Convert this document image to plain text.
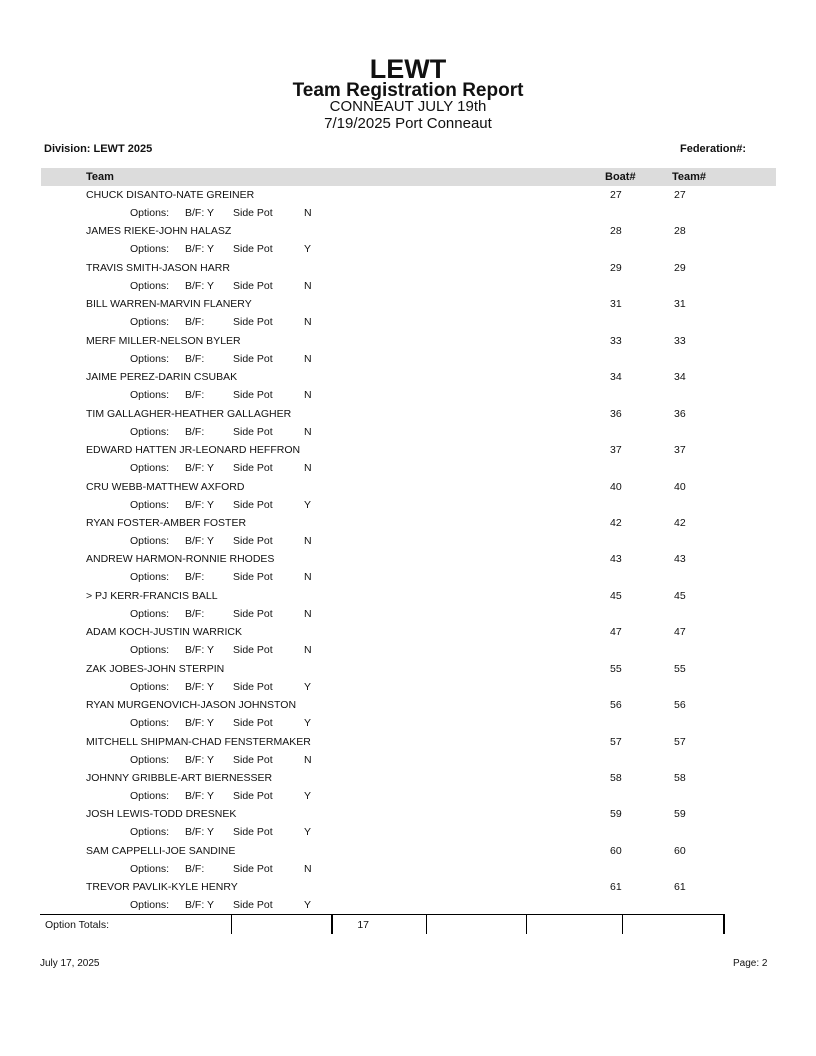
LEWT
Team Registration Report
CONNEAUT JULY 19th
7/19/2025 Port Conneaut
Division: LEWT 2025	Federation#:
Team	Boat#	Team#
CHUCK DISANTO-NATE GREINER	27	27
Options: B/F: Y Side Pot	N
JAMES RIEKE-JOHN HALASZ	28	28
Options: B/F: Y Side Pot	Y
TRAVIS SMITH-JASON HARR	29	29
Options: B/F: Y Side Pot	N
BILL WARREN-MARVIN FLANERY	31	31
Options: B/F:	Side Pot	N
MERF MILLER-NELSON BYLER	33	33
Options: B/F:	Side Pot	N
JAIME PEREZ-DARIN CSUBAK	34	34
Options: B/F:	Side Pot	N
TIM GALLAGHER-HEATHER GALLAGHER	36	36
Options: B/F:	Side Pot	N
EDWARD HATTEN JR-LEONARD HEFFRON	37	37
Options: B/F: Y Side Pot	N
CRU WEBB-MATTHEW AXFORD	40	40
Options: B/F: Y Side Pot	Y
RYAN FOSTER-AMBER FOSTER	42	42
Options: B/F: Y Side Pot	N
ANDREW HARMON-RONNIE RHODES	43	43
Options: B/F:	Side Pot	N
> PJ KERR-FRANCIS BALL	45	45
Options: B/F:	Side Pot	N
ADAM KOCH-JUSTIN WARRICK	47	47
Options: B/F: Y Side Pot	N
ZAK JOBES-JOHN STERPIN	55	55
Options: B/F: Y Side Pot	Y
RYAN MURGENOVICH-JASON JOHNSTON	56	56
Options: B/F: Y Side Pot	Y
MITCHELL SHIPMAN-CHAD FENSTERMAKER	57	57
Options: B/F: Y Side Pot	N
JOHNNY GRIBBLE-ART BIERNESSER	58	58
Options: B/F: Y Side Pot	Y
JOSH LEWIS-TODD DRESNEK	59	59
Options: B/F: Y Side Pot	Y
SAM CAPPELLI-JOE SANDINE	60	60
Options: B/F:	Side Pot	N
TREVOR PAVLIK-KYLE HENRY	61	61
Options: B/F: Y Side Pot	Y
Option Totals:	17
July 17, 2025	Page: 2
